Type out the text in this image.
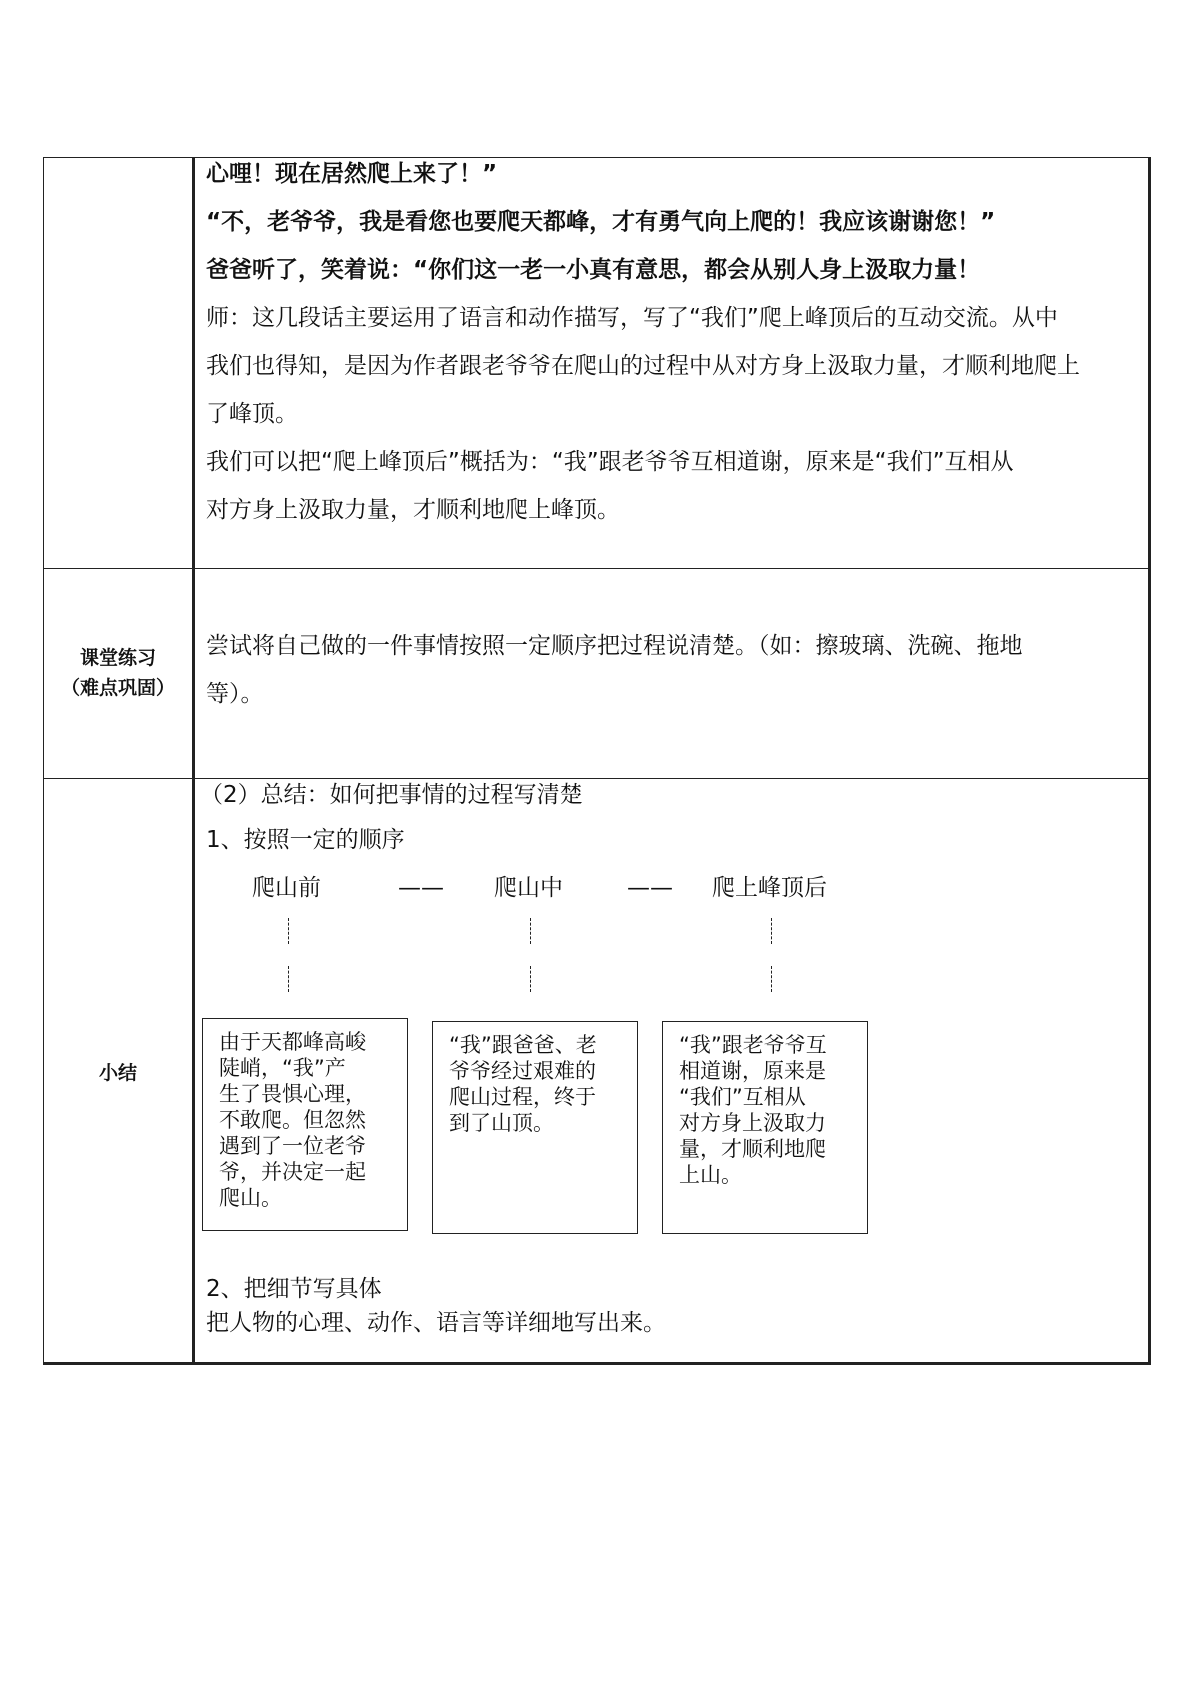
课堂练习
（难点巩固）
小结
心哩！现在居然爬上来了！”
“不，老爷爷，我是看您也要爬天都峰，才有勇气向上爬的！我应该谢谢您！”
爸爸听了，笑着说：“你们这一老一小真有意思，都会从别人身上汲取力量！
师：这几段话主要运用了语言和动作描写，写了“我们”爬上峰顶后的互动交流。从中
我们也得知，是因为作者跟老爷爷在爬山的过程中从对方身上汲取力量，才顺利地爬上
了峰顶。
我们可以把“爬上峰顶后”概括为：“我”跟老爷爷互相道谢，原来是“我们”互相从
对方身上汲取力量，才顺利地爬上峰顶。
尝试将自己做的一件事情按照一定顺序把过程说清楚。（如：擦玻璃、洗碗、拖地
等）。
（2）总结：如何把事情的过程写清楚
1、按照一定的顺序
爬山前	—— 爬山中	—— 爬上峰顶后
由于天都峰高峻
陡峭，“我”产
生了畏惧心理，
不敢爬。但忽然
遇到了一位老爷
爷，并决定一起
爬山。
“我”跟爸爸、老
爷爷经过艰难的
爬山过程，终于
到了山顶。
“我”跟老爷爷互
相道谢，原来是
“我们”互相从
对方身上汲取力
量，才顺利地爬
上山。
2、把细节写具体
把人物的心理、动作、语言等详细地写出来。
